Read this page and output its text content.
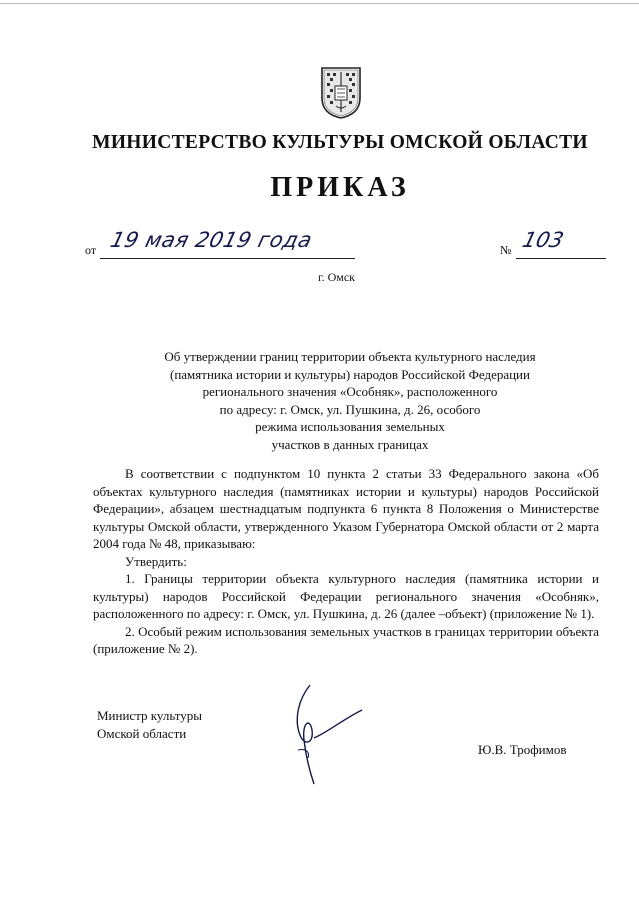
МИНИСТЕРСТВО КУЛЬТУРЫ ОМСКОЙ ОБЛАСТИ
ПРИКАЗ
от 19 мая 2019 года	№ 103
г. Омск
Об утверждении границ территории объекта культурного наследия
(памятника истории и культуры) народов Российской Федерации
регионального значения «Особняк», расположенного
по адресу: г. Омск, ул. Пушкина, д. 26, особого
режима использования земельных
участков в данных границах

В соответствии с подпунктом 10 пункта 2 статьи 33 Федерального закона «Об объектах культурного наследия (памятниках истории и культуры) народов Российской Федерации», абзацем шестнадцатым подпункта 6 пункта 8 Положения о Министерстве культуры Омской области, утвержденного Указом Губернатора Омской области от 2 марта 2004 года № 48, приказываю:

Утвердить:

1. Границы территории объекта культурного наследия (памятника истории и культуры) народов Российской Федерации регионального значения «Особняк», расположенного по адресу: г. Омск, ул. Пушкина, д. 26 (далее –объект) (приложение № 1).

2. Особый режим использования земельных участков в границах территории объекта (приложение № 2).

Министр культуры
Омской области
Ю.В. Трофимов
